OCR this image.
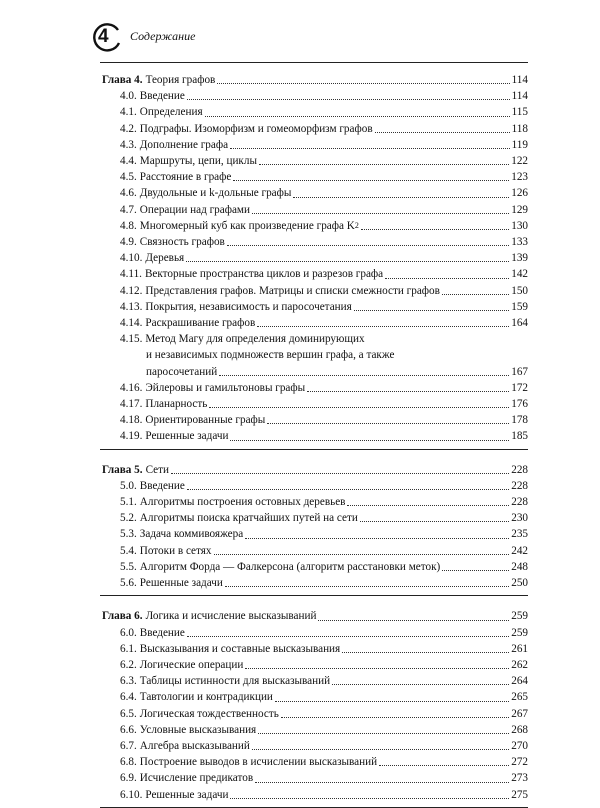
4 Содержание
Глава 4. Теория графов	114
4.0. Введение	114
4.1. Определения	115
4.2. Подграфы. Изоморфизм и гомеоморфизм графов	118
4.3. Дополнение графа	119
4.4. Маршруты, цепи, циклы	122
4.5. Расстояние в графе	123
4.6. Двудольные и k-дольные графы	126
4.7. Операции над графами	129
4.8. Многомерный куб как произведение графа K 2	130
4.9. Связность графов	133
4.10. Деревья	139
4.11. Векторные пространства циклов и разрезов графа	142
4.12. Представления графов. Матрицы и списки смежности графов	150
4.13. Покрытия, независимость и паросочетания	159
4.14. Раскрашивание графов	164
4.15. Метод Магу для определения доминирующих
и независимых подмножеств вершин графа, а также
паросочетаний	167
4.16. Эйлеровы и гамильтоновы графы	172
4.17. Планарность	176
4.18. Ориентированные графы	178
4.19. Решенные задачи	185
Глава 5. Сети	228
5.0. Введение	228
5.1. Алгоритмы построения остовных деревьев	228
5.2. Алгоритмы поиска кратчайших путей на сети	230
5.3. Задача коммивояжера	235
5.4. Потоки в сетях	242
5.5. Алгоритм Форда — Фалкерсона (алгоритм расстановки меток)	248
5.6. Решенные задачи	250
Глава 6. Логика и исчисление высказываний	259
6.0. Введение	259
6.1. Высказывания и составные высказывания	261
6.2. Логические операции	262
6.3. Таблицы истинности для высказываний	264
6.4. Тавтологии и контрадикции	265
6.5. Логическая тождественность	267
6.6. Условные высказывания	268
6.7. Алгебра высказываний	270
6.8. Построение выводов в исчислении высказываний	272
6.9. Исчисление предикатов	273
6.10. Решенные задачи	275
